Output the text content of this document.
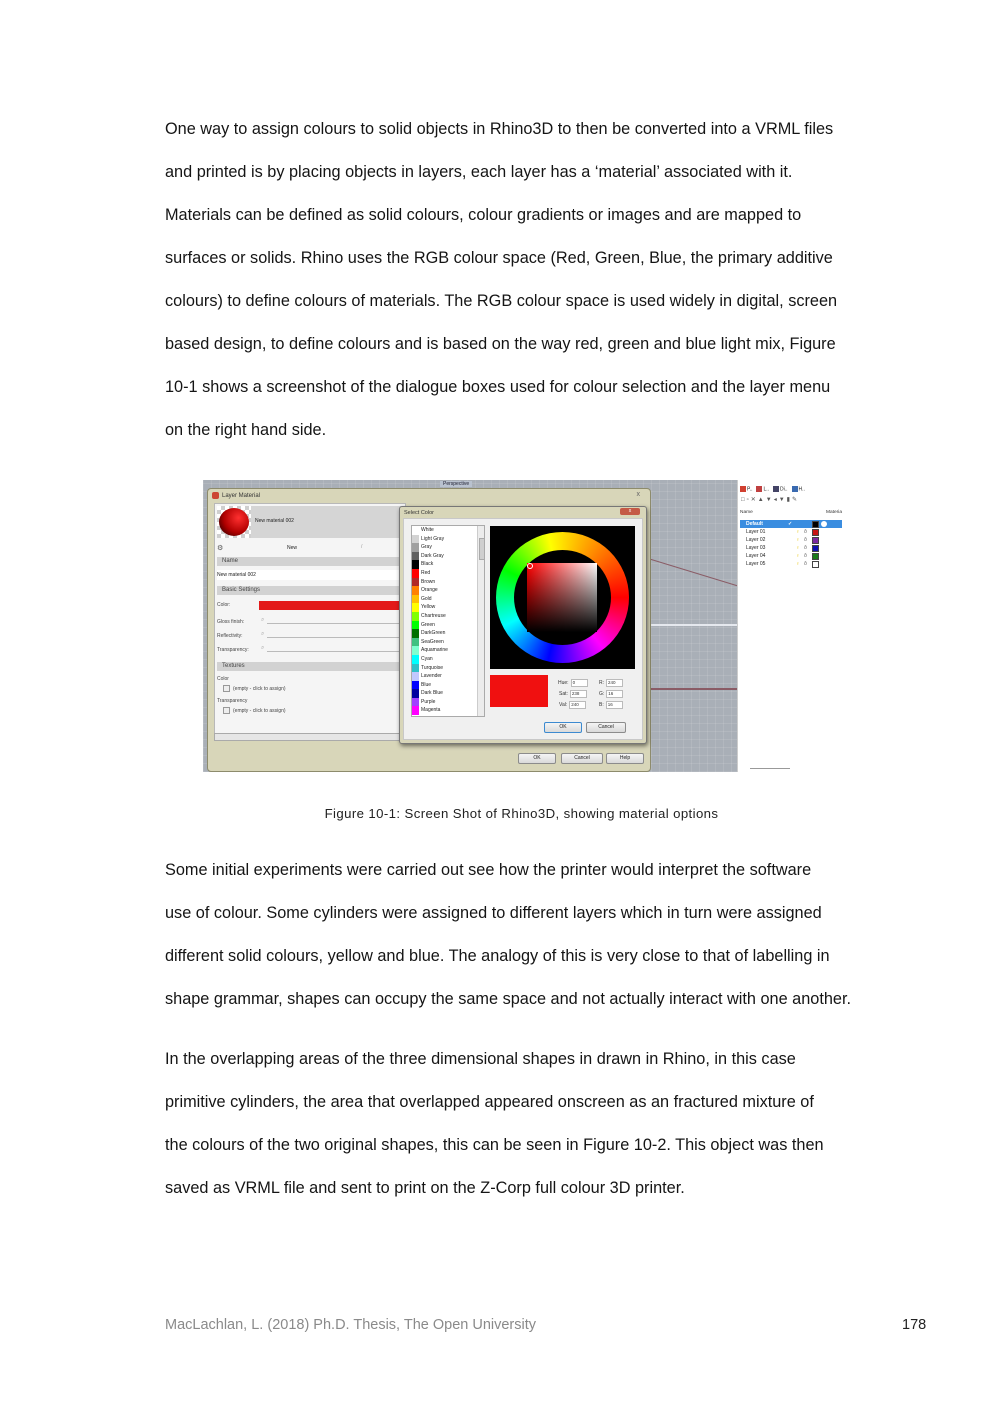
One way to assign colours to solid objects in Rhino3D to then be converted into a VRML files

and printed is by placing objects in layers, each layer has a ‘material’ associated with it.

Materials can be defined as solid colours, colour gradients or images and are mapped to

surfaces or solids. Rhino uses the RGB colour space (Red, Green, Blue, the primary additive

colours) to define colours of materials. The RGB colour space is used widely in digital, screen

based design, to define colours and is based on the way red, green and blue light mix, Figure

10-1 shows a screenshot of the dialogue boxes used for colour selection and the layer menu

on the right hand side.

Perspective
Layer Material	x
New material 002
⚙	New	/
Name
New material 002
Basic Settings
Color:
Gloss finish:	⌕
Reflectivity:	⌕
Transparency: ⌕
Textures
Color
(empty - click to assign)
Transparency
(empty - click to assign)
OK	Cancel	Help
Select Color	x
White
Light Gray
Gray
Dark Gray
Black
Red
Brown
Orange
Gold
Yellow
Chartreuse
Green
DarkGreen
SeaGreen
Aquamarine
Cyan
Turquoise
Lavender
Blue
Dark Blue
Purple
Magenta
Hue: 0
Sat: 238
Val: 240
R: 240
G: 16
B: 16
OK	Cancel
P.. L.. Di.. H..
□▫✕▲▼◂▼▮✎
Name	Materia
Default	✓
Layer 01	♀ ð
Layer 02	♀ ð
Layer 03	♀ ð
Layer 04	♀ ð
Layer 05	♀ ð
Figure 10-1: Screen Shot of Rhino3D, showing material options

Some initial experiments were carried out see how the printer would interpret the software

use of colour. Some cylinders were assigned to different layers which in turn were assigned

different solid colours, yellow and blue. The analogy of this is very close to that of labelling in

shape grammar, shapes can occupy the same space and not actually interact with one another.

In the overlapping areas of the three dimensional shapes in drawn in Rhino, in this case

primitive cylinders, the area that overlapped appeared onscreen as an fractured mixture of

the colours of the two original shapes, this can be seen in Figure 10-2. This object was then

saved as VRML file and sent to print on the Z-Corp full colour 3D printer.

MacLachlan, L. (2018) Ph.D. Thesis, The Open University	178
